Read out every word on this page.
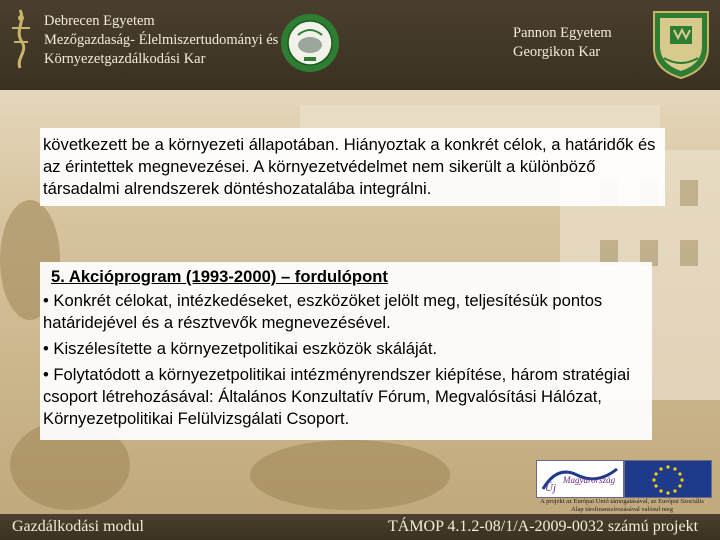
Debrecen Egyetem
Mezőgazdaság- Élelmiszertudományi és
Környezetgazdálkodási Kar
Pannon Egyetem
Georgikon Kar

következett be a környezeti állapotában. Hiányoztak a konkrét célok, a határidők és az érintettek megnevezései. A környezetvédelmet nem sikerült a különböző társadalmi alrendszerek döntéshozatalába integrálni.

5. Akcióprogram (1993-2000) – fordulópont

• Konkrét célokat, intézkedéseket, eszközöket jelölt meg, teljesítésük pontos határidejével és a résztvevők megnevezésével.

• Kiszélesítette a környezetpolitikai eszközök skáláját.

• Folytatódott a környezetpolitikai intézményrendszer kiépítése, három stratégiai csoport létrehozásával: Általános Konzultatív Fórum, Megvalósítási Hálózat, Környezetpolitikai Felülvizsgálati Csoport.

Új
Magyarország
A projekt az Európai Unió támogatásával, az Európai Szociális Alap társfinanszírozásával valósul meg
Gazdálkodási modul	TÁMOP 4.1.2-08/1/A-2009-0032 számú projekt
